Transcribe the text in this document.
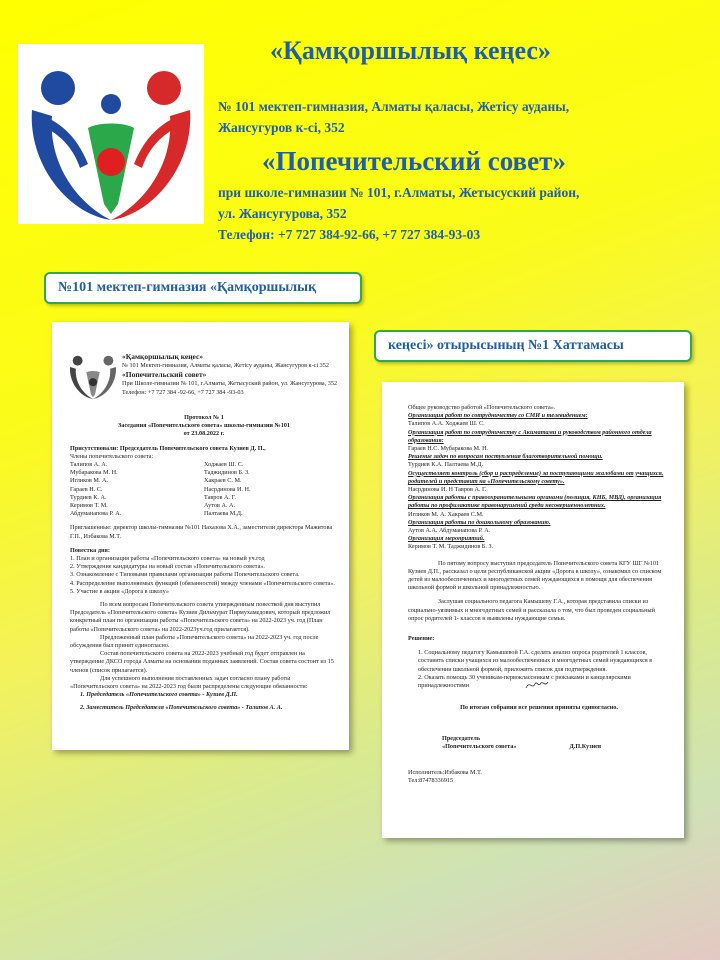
«Қамқоршылық кеңес»
№ 101 мектеп-гимназия, Алматы қаласы, Жетісу ауданы,
Жансугуров к-сі, 352
«Попечительский совет»
при школе-гимназии № 101, г.Алматы, Жетысуский район,
ул. Жансугурова, 352
Телефон: +7 727 384-92-66, +7 727 384-93-03
№101 мектеп-гимназия «Қамқоршылық
кеңесі» отырысының №1 Хаттамасы
«Қамқоршылық кеңес»
№ 101 Мектеп-гимназия, Алматы қаласы, Жетісу ауданы, Жансугуров к-сі 352
«Попечительский совет»
При Школе-гимназии № 101, г.Алматы, Жетысуский район, ул. Жансугурова, 352
Телефон: +7 727 384 -92-66, +7 727 384 -93-03
Протокол № 1
Заседания «Попечительского совета» школы-гимназии №101
от 23.08.2022 г.
Присутствовали: Председатель Попечительского совета Кузиев Д. П.,
Члены попечительского совета:
Талипов А. А.	Ходжаев Ш. С.
Мубаракова М. Н.	Таджидинов Б. З.
Игликов М. А.	Хакраев С. М.
Гараев Н. С.	Насрдинова И. Н.
Турдиев К. А.	Тавров А. Г.
Керимов Т. М.	Аутов А. А.
Абдуманапова Р. А.	Палтаева М.Д.
Приглашенные: директор школы-гимназии №101 Нахазова Х.А., заместители директора Мажитова Г.П., Избакова М.Т.
Повестка дня:
1. План и организация работы «Попечительского совета» на новый уч.год
2. Утверждение кандидатуры на новый состав «Попечительского совета».
3. Ознакомление с Типовыми правилами организации работы Попечительского совета.
4. Распределение выполняемых функций (обязанностей) между членами «Попечительского совета».
5. Участие в акции «Дорога в школу»
По всем вопросам Попечительского совета утвержденным повесткой дня выступил Председатель «Попечительского совета» Кузиев Дильмурат Пирмухамедович, который предложил конкретный план по организации работы «Попечительского совета» на 2022-2023 уч. год (План работы «Попечительского совета» на 2022-2023уч.год прилагается).
Предложенный план работы «Попечительского совета» на 2022-2023 уч. год после обсуждения был принят единогласно.
Состав попечительского совета на 2022-2023 учебный год будет отправлен на утверждение ДКСО города Алматы на основании поданных заявлений. Состав совета состоит из 15 членов (список прилагается).
Для успешного выполнения поставленных задач согласно плану работы «Попечительского совета» на 2022-2023 год были распределены следующие обязанности:
1. Председатель «Попечительского совета» - Кузиев Д.П.
2. Заместитель Председателя «Попечительского совета» - Талипов А. А.
Общее руководство работой «Попечительского совета».
Организация работ по сотрудничеству со СМИ и телевидением:
Талипов А.А. Ходжаев Ш. С.
Организация работ по сотрудничеству с Акиматами и руководством районного отдела образования:
Гараев Н.С. Мубаракова М. Н.
Решение задач по вопросам поступления благотворительной помощи.
Турдиев К.А. Палтаева М.Д.
Осуществляет контроль (сбор и распределение) за поступающими жалобами от учащихся, родителей и представит на «Попечительскому совету».
Насрдинова И. Н Тавров А. Г.
Организация работы с правоохранительными органами (полиция, КНБ, МВД), организация работы по профилактике правонарушений среди несовершеннолетних.
Игликов М. А. Хакраев С.М.
Организация работы по дошкольному образованию.
Аутов А.А. Абдуманапова Р. А.
Организация мероприятий.
Керимов Т. М. Таджидинов Б. З.
По пятому вопросу выступил председатель Попечительского совета КГУ ШГ №101 Кузиев Д.П., рассказал о цели республиканской акции «Дорога в школу», ознакомил со списком детей из малообеспеченных и многодетных семей нуждающихся в помощи для обеспечения школьной формой и школьной принадлежностью.
Заслушав социального педагога Камышеву Г.А., которая представила списки из социально-уязвимых и многодетных семей и рассказала о том, что был проведен социальный опрос родителей 1- классов и выявлены нуждающие семьи.
Решение:
1. Социальному педагогу Камышевой Г.А. сделать анализ опроса родителей 1 классов, составить списки учащихся из малообеспеченных и многодетных семей нуждающихся в обеспечении школьной формой, приложить список для подтверждения.
2. Оказать помощь 30 ученикам-первоклассникам с рюкзаками и канцелярскими принадлежностями
По итогам собрания все решения приняты единогласно.
Председатель
«Попечительского совета»	Д.П.Кузиев
Исполнитель:Избакова М.Т.
Тел:87478336915
